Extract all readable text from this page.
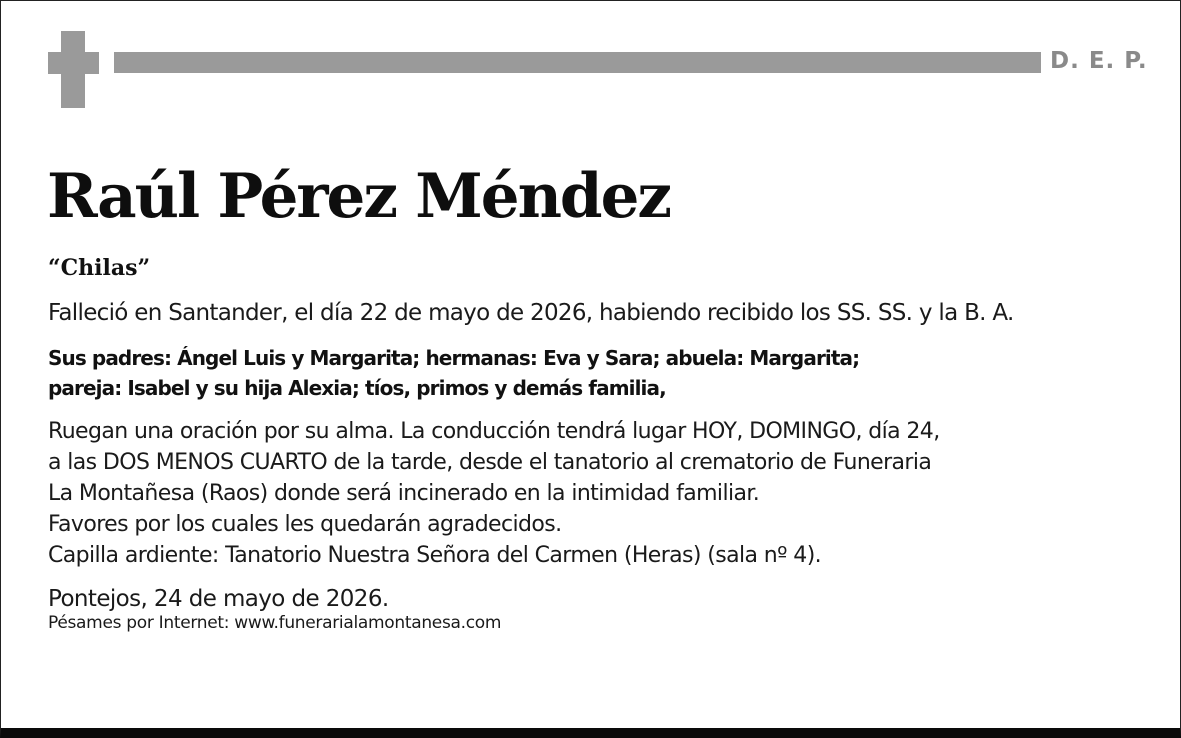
D. E. P.
Raúl Pérez Méndez
“Chilas”
Falleció en Santander, el día 22 de mayo de 2026, habiendo recibido los SS. SS. y la B. A.
Sus padres: Ángel Luis y Margarita; hermanas: Eva y Sara; abuela: Margarita;
pareja: Isabel y su hija Alexia; tíos, primos y demás familia,
Ruegan una oración por su alma. La conducción tendrá lugar HOY, DOMINGO, día 24,
a las DOS MENOS CUARTO de la tarde, desde el tanatorio al crematorio de Funeraria
La Montañesa (Raos) donde será incinerado en la intimidad familiar.
Favores por los cuales les quedarán agradecidos.
Capilla ardiente: Tanatorio Nuestra Señora del Carmen (Heras) (sala nº 4).
Pontejos, 24 de mayo de 2026.
Pésames por Internet: www.funerarialamontanesa.com
